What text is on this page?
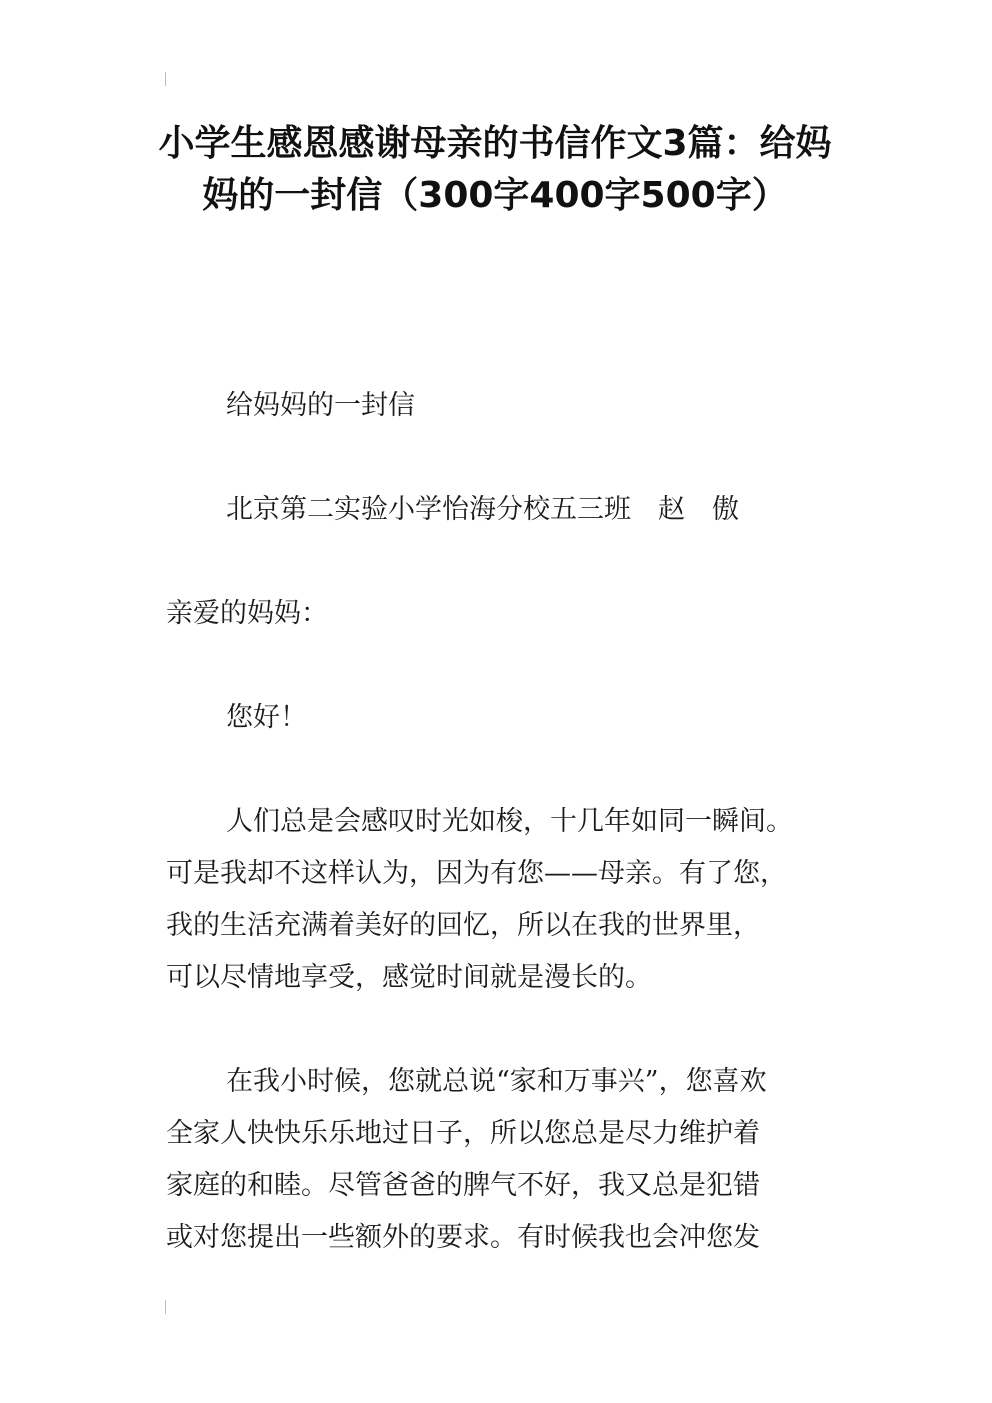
小学生感恩感谢母亲的书信作文3篇：给妈妈的一封信（300字400字500字）

给妈妈的一封信

北京第二实验小学怡海分校五三班　赵　傲

亲爱的妈妈：

您好！

人们总是会感叹时光如梭，十几年如同一瞬间。
可是我却不这样认为，因为有您——母亲。有了您，
我的生活充满着美好的回忆，所以在我的世界里，
可以尽情地享受，感觉时间就是漫长的。
在我小时候，您就总说“家和万事兴”，您喜欢
全家人快快乐乐地过日子，所以您总是尽力维护着
家庭的和睦。尽管爸爸的脾气不好，我又总是犯错
或对您提出一些额外的要求。有时候我也会冲您发
